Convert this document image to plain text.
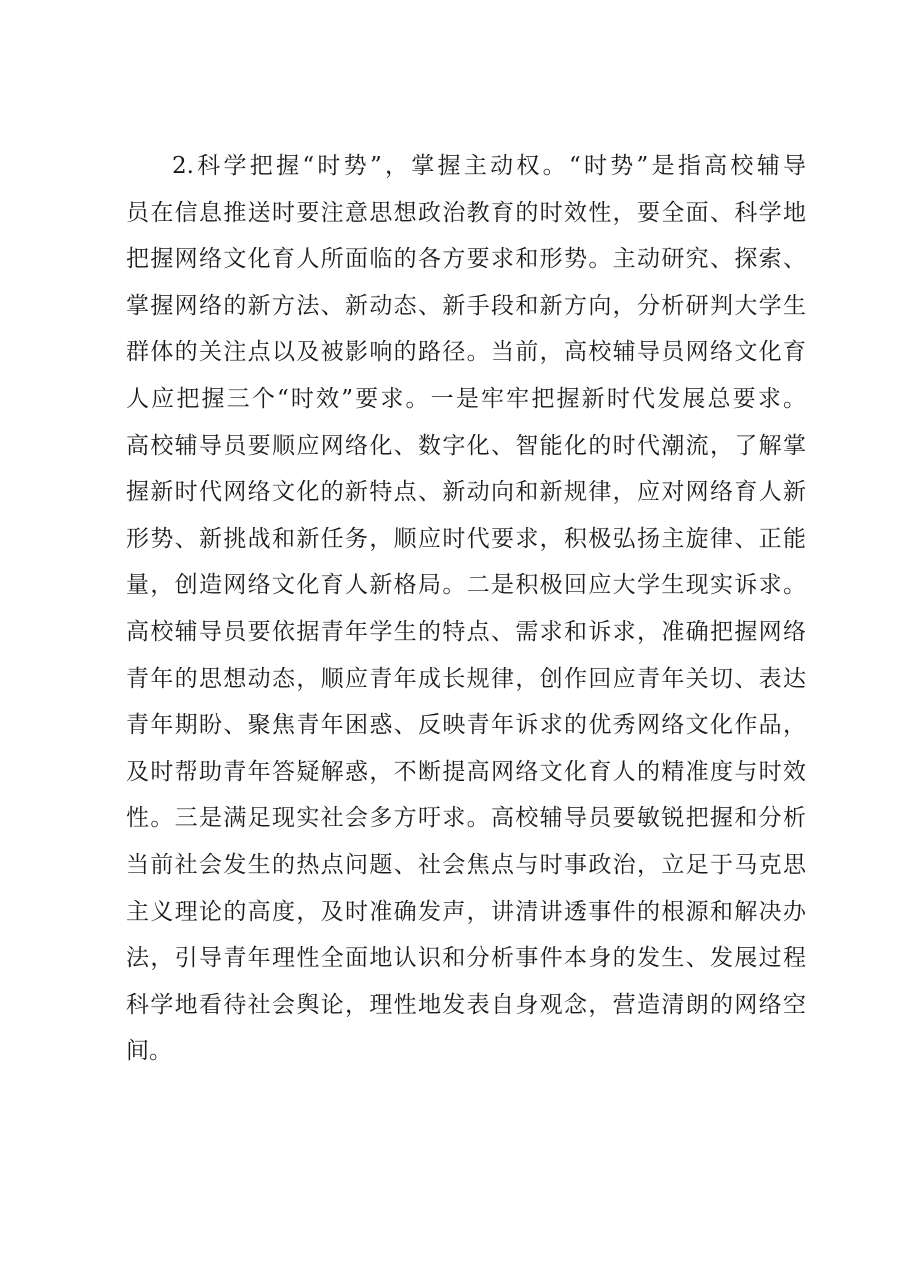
2.科学把握“时势”，掌握主动权。“时势”是指高校辅导
员在信息推送时要注意思想政治教育的时效性，要全面、科学地
把握网络文化育人所面临的各方要求和形势。主动研究、探索、
掌握网络的新方法、新动态、新手段和新方向，分析研判大学生
群体的关注点以及被影响的路径。当前，高校辅导员网络文化育
人应把握三个“时效”要求。一是牢牢把握新时代发展总要求。
高校辅导员要顺应网络化、数字化、智能化的时代潮流，了解掌
握新时代网络文化的新特点、新动向和新规律，应对网络育人新
形势、新挑战和新任务，顺应时代要求，积极弘扬主旋律、正能
量，创造网络文化育人新格局。二是积极回应大学生现实诉求。
高校辅导员要依据青年学生的特点、需求和诉求，准确把握网络
青年的思想动态，顺应青年成长规律，创作回应青年关切、表达
青年期盼、聚焦青年困惑、反映青年诉求的优秀网络文化作品，
及时帮助青年答疑解惑，不断提高网络文化育人的精准度与时效
性。三是满足现实社会多方吁求。高校辅导员要敏锐把握和分析
当前社会发生的热点问题、社会焦点与时事政治，立足于马克思
主义理论的高度，及时准确发声，讲清讲透事件的根源和解决办
法，引导青年理性全面地认识和分析事件本身的发生、发展过程
科学地看待社会舆论，理性地发表自身观念，营造清朗的网络空
间。
